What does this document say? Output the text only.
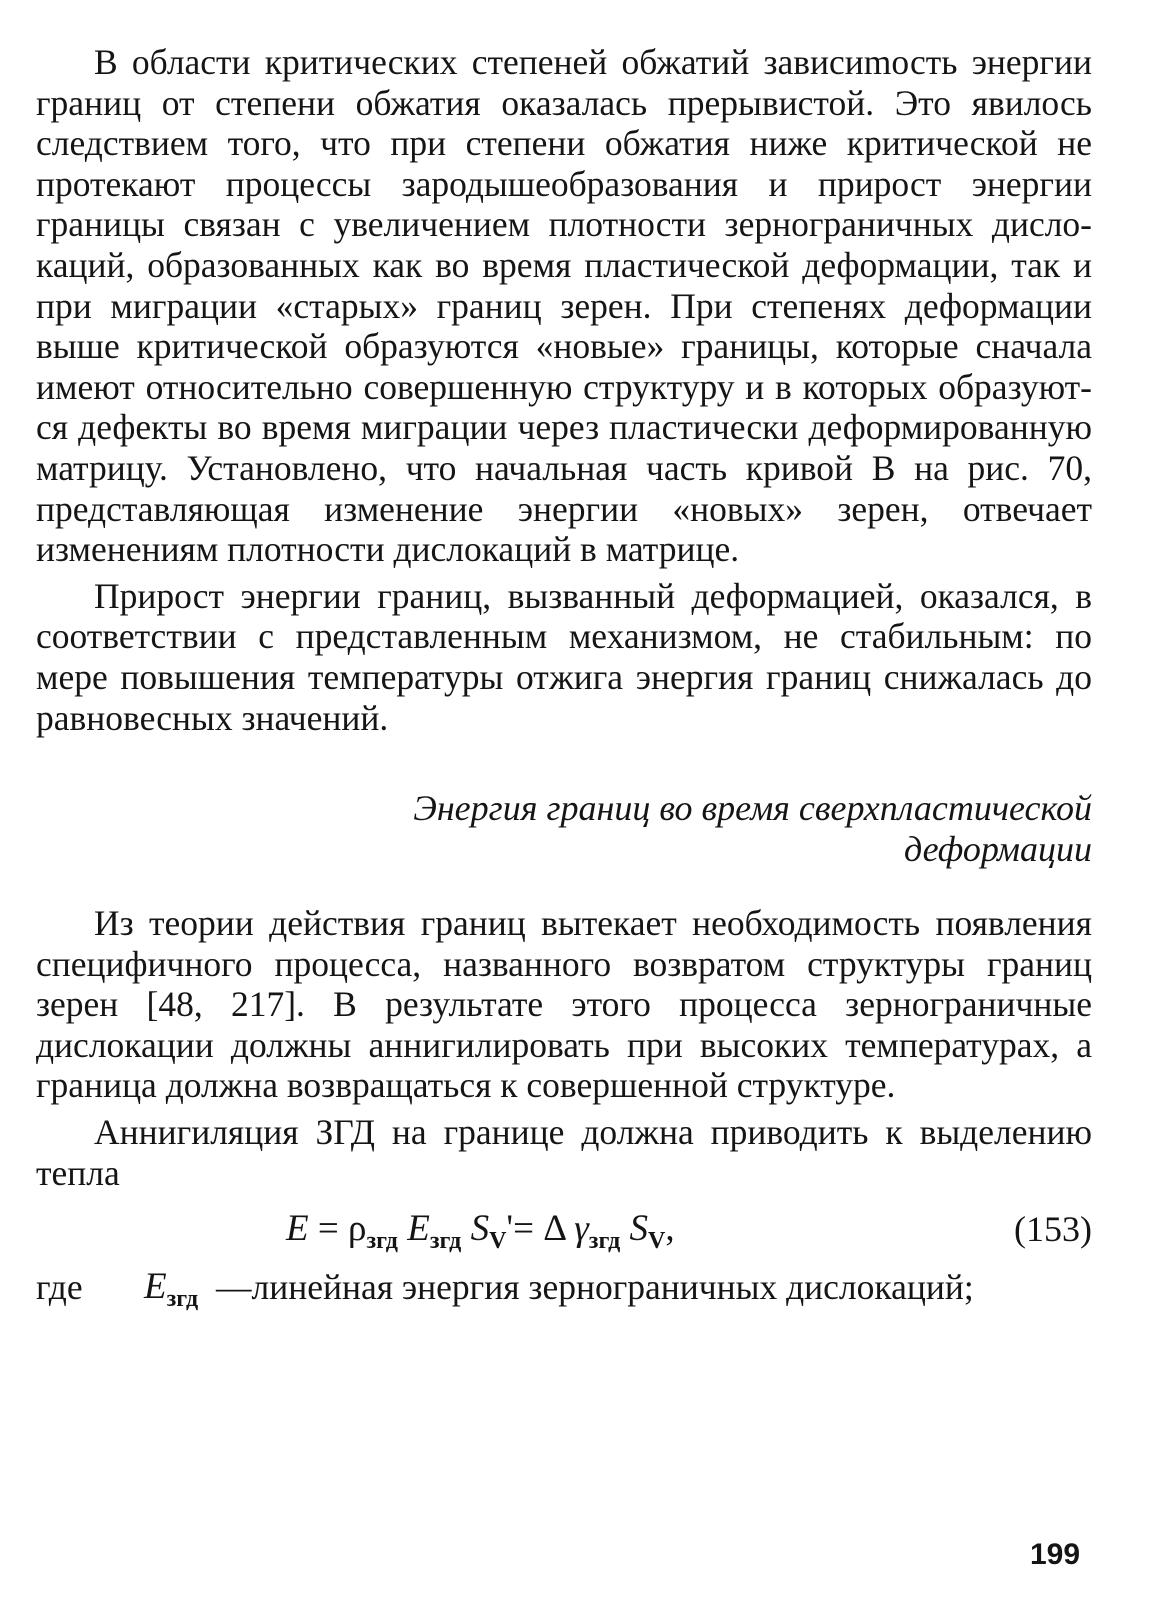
В области критических степеней обжатий зависиmость энергии границ от степени обжатия оказалась прерывистой. Это явилось следствием того, что при степени обжатия ниже критической не протекают процессы зародышеобразования и прирост энергии границы связан с увеличением плотности зернограничных дислокаций, образованных как во время пластической деформации, так и при миграции «старых» границ зерен. При степенях деформации выше критической образуются «новые» границы, которые сначала имеют относительно совершенную структуру и в которых образуются дефекты во время миграции через пластически деформированную матрицу. Установлено, что начальная часть кривой B на рис. 70, представляющая изменение энергии «новых» зерен, отвечает изменениям плотности дислокаций в матрице.

Прирост энергии границ, вызванный деформацией, оказался, в соответствии с представленным механизмом, не стабильным: по мере повышения температуры отжига энергия границ снижалась до равновесных значений.

Энергия границ во время сверхпластической
деформации

Из теории действия границ вытекает необходимость появления специфичного процесса, названного возвратом структуры границ зерен [48, 217]. В результате этого процесса зернограничные дислокации должны аннигилировать при высоких температурах, а граница должна возвращаться к совершенной структуре.

Аннигиляция ЗГД на границе должна приводить к выделению тепла

$E = \rho_{згд}$ $E_{згд}$ $S_V'= \Delta$ $\gamma_{згд}$ $S_V$,	(153)
где $E_{згд}$ —линейная энергия зернограничных дислокаций;
199
